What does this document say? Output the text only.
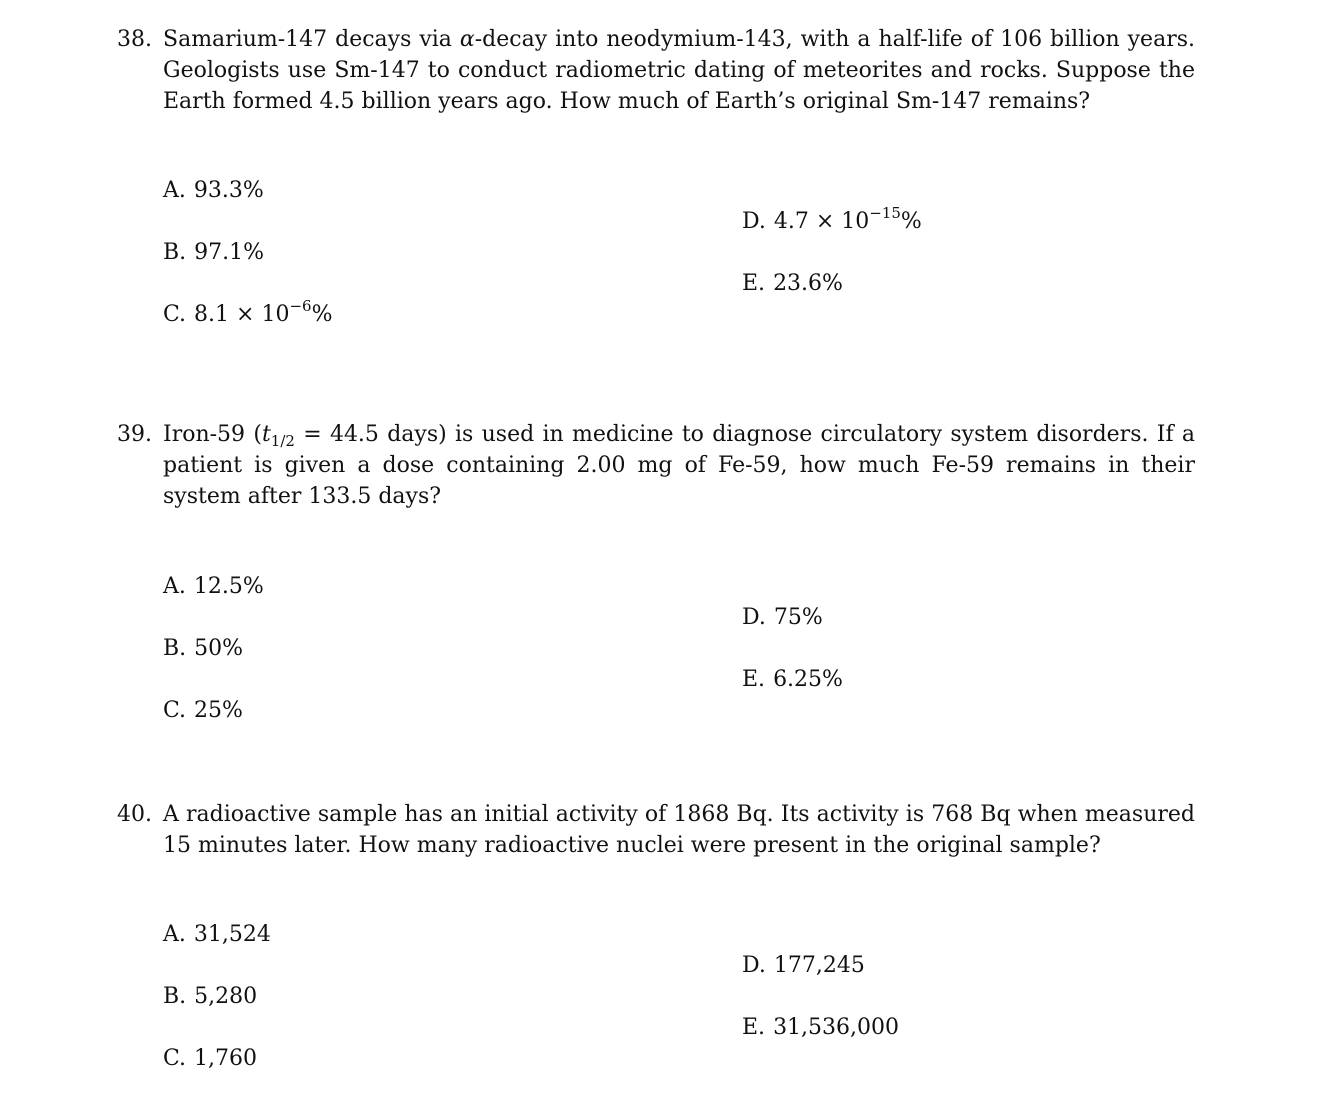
38. Samarium-147 decays via α-decay into neodymium-143, with a half-life of 106 billion years. Geologists use Sm-147 to conduct radiometric dating of meteorites and rocks. Suppose the Earth formed 4.5 billion years ago. How much of Earth’s original Sm-147 remains?
A. 93.3%
B. 97.1%
C. $8.1 \times 10^{-6}\%$
D. $4.7 \times 10^{-15}\%$
E. 23.6%
39. Iron-59 ($t_{1/2} = 44.5$ days) is used in medicine to diagnose circulatory system disorders. If a patient is given a dose containing 2.00 mg of Fe-59, how much Fe-59 remains in their system after 133.5 days?
A. 12.5%
B. 50%
C. 25%
D. 75%
E. 6.25%
40. A radioactive sample has an initial activity of 1868 Bq. Its activity is 768 Bq when measured 15 minutes later. How many radioactive nuclei were present in the original sample?
A. 31,524
B. 5,280
C. 1,760
D. 177,245
E. 31,536,000
